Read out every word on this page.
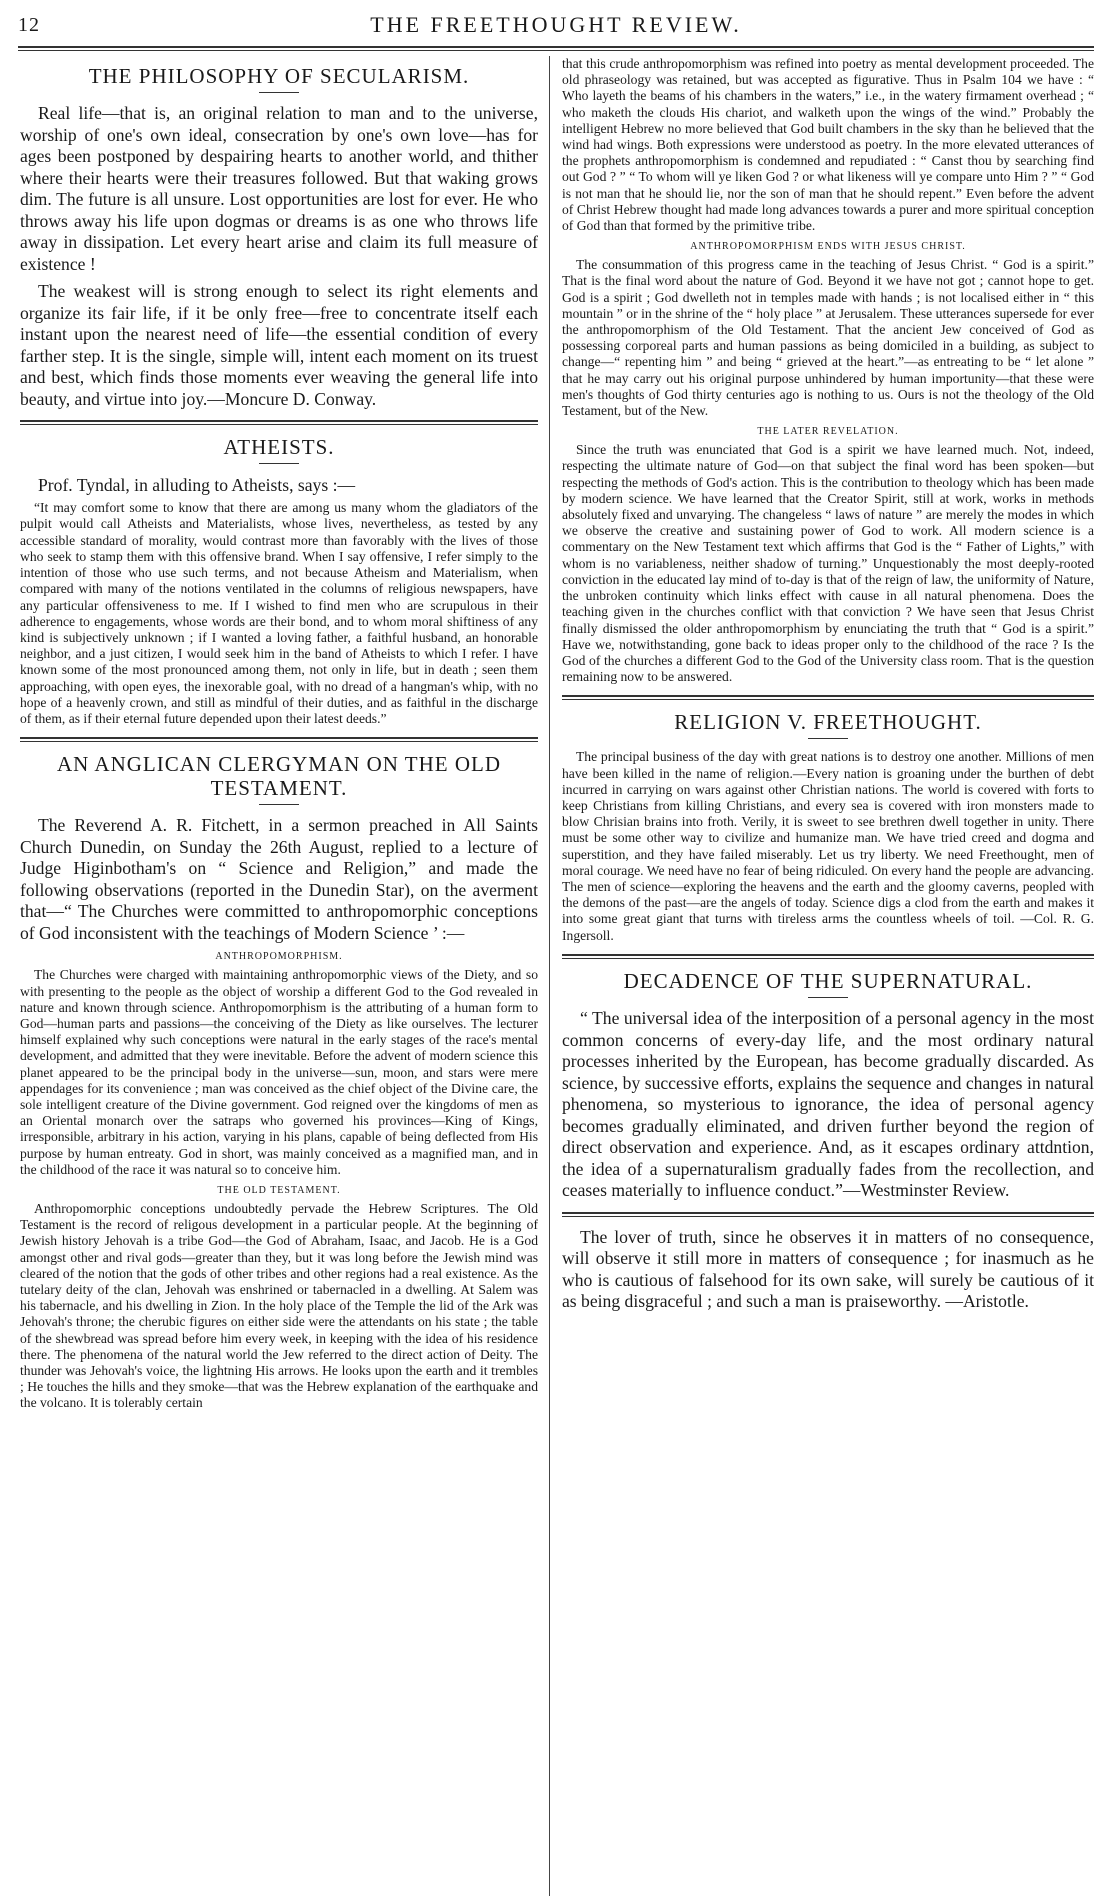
12	THE FREETHOUGHT REVIEW.
THE PHILOSOPHY OF SECULARISM.

Real life—that is, an original relation to man and to the universe, worship of one's own ideal, consecration by one's own love—has for ages been postponed by despairing hearts to another world, and thither where their hearts were their treasures followed. But that waking grows dim. The future is all unsure. Lost opportunities are lost for ever. He who throws away his life upon dogmas or dreams is as one who throws life away in dissipation. Let every heart arise and claim its full measure of existence !

The weakest will is strong enough to select its right elements and organize its fair life, if it be only free—free to concentrate itself each instant upon the nearest need of life—the essential condition of every farther step. It is the single, simple will, intent each moment on its truest and best, which finds those moments ever weaving the general life into beauty, and virtue into joy.—Moncure D. Conway.

ATHEISTS.

Prof. Tyndal, in alluding to Atheists, says :—

“It may comfort some to know that there are among us many whom the gladiators of the pulpit would call Atheists and Materialists, whose lives, nevertheless, as tested by any accessible standard of morality, would contrast more than favorably with the lives of those who seek to stamp them with this offensive brand. When I say offensive, I refer simply to the intention of those who use such terms, and not because Atheism and Materialism, when compared with many of the notions ventilated in the columns of religious newspapers, have any particular offensiveness to me. If I wished to find men who are scrupulous in their adherence to engagements, whose words are their bond, and to whom moral shiftiness of any kind is subjectively unknown ; if I wanted a loving father, a faithful husband, an honorable neighbor, and a just citizen, I would seek him in the band of Atheists to which I refer. I have known some of the most pronounced among them, not only in life, but in death ; seen them approaching, with open eyes, the inexorable goal, with no dread of a hangman's whip, with no hope of a heavenly crown, and still as mindful of their duties, and as faithful in the discharge of them, as if their eternal future depended upon their latest deeds.”

AN ANGLICAN CLERGYMAN ON THE OLD TESTAMENT.

The Reverend A. R. Fitchett, in a sermon preached in All Saints Church Dunedin, on Sunday the 26th August, replied to a lecture of Judge Higinbotham's on “ Science and Religion,” and made the following observations (reported in the Dunedin Star), on the averment that—“ The Churches were committed to anthropomorphic conceptions of God inconsistent with the teachings of Modern Science ’ :—

ANTHROPOMORPHISM.

The Churches were charged with maintaining anthropomorphic views of the Diety, and so with presenting to the people as the object of worship a different God to the God revealed in nature and known through science. Anthropomorphism is the attributing of a human form to God—human parts and passions—the conceiving of the Diety as like ourselves. The lecturer himself explained why such conceptions were natural in the early stages of the race's mental development, and admitted that they were inevitable. Before the advent of modern science this planet appeared to be the principal body in the universe—sun, moon, and stars were mere appendages for its convenience ; man was conceived as the chief object of the Divine care, the sole intelligent creature of the Divine government. God reigned over the kingdoms of men as an Oriental monarch over the satraps who governed his provinces—King of Kings, irresponsible, arbitrary in his action, varying in his plans, capable of being deflected from His purpose by human entreaty. God in short, was mainly conceived as a magnified man, and in the childhood of the race it was natural so to conceive him.

THE OLD TESTAMENT.

Anthropomorphic conceptions undoubtedly pervade the Hebrew Scriptures. The Old Testament is the record of religous development in a particular people. At the beginning of Jewish history Jehovah is a tribe God—the God of Abraham, Isaac, and Jacob. He is a God amongst other and rival gods—greater than they, but it was long before the Jewish mind was cleared of the notion that the gods of other tribes and other regions had a real existence. As the tutelary deity of the clan, Jehovah was enshrined or tabernacled in a dwelling. At Salem was his tabernacle, and his dwelling in Zion. In the holy place of the Temple the lid of the Ark was Jehovah's throne; the cherubic figures on either side were the attendants on his state ; the table of the shewbread was spread before him every week, in keeping with the idea of his residence there. The phenomena of the natural world the Jew referred to the direct action of Deity. The thunder was Jehovah's voice, the lightning His arrows. He looks upon the earth and it trembles ; He touches the hills and they smoke—that was the Hebrew explanation of the earthquake and the volcano. It is tolerably certain

that this crude anthropomorphism was refined into poetry as mental development proceeded. The old phraseology was retained, but was accepted as figurative. Thus in Psalm 104 we have : “ Who layeth the beams of his chambers in the waters,” i.e., in the watery firmament overhead ; “ who maketh the clouds His chariot, and walketh upon the wings of the wind.” Probably the intelligent Hebrew no more believed that God built chambers in the sky than he believed that the wind had wings. Both expressions were understood as poetry. In the more elevated utterances of the prophets anthropomorphism is condemned and repudiated : “ Canst thou by searching find out God ? ” “ To whom will ye liken God ? or what likeness will ye compare unto Him ? ” “ God is not man that he should lie, nor the son of man that he should repent.” Even before the advent of Christ Hebrew thought had made long advances towards a purer and more spiritual conception of God than that formed by the primitive tribe.

ANTHROPOMORPHISM ENDS WITH JESUS CHRIST.

The consummation of this progress came in the teaching of Jesus Christ. “ God is a spirit.” That is the final word about the nature of God. Beyond it we have not got ; cannot hope to get. God is a spirit ; God dwelleth not in temples made with hands ; is not localised either in “ this mountain ” or in the shrine of the “ holy place ” at Jerusalem. These utterances supersede for ever the anthropomorphism of the Old Testament. That the ancient Jew conceived of God as possessing corporeal parts and human passions as being domiciled in a building, as subject to change—“ repenting him ” and being “ grieved at the heart.”—as entreating to be “ let alone ” that he may carry out his original purpose unhindered by human importunity—that these were men's thoughts of God thirty centuries ago is nothing to us. Ours is not the theology of the Old Testament, but of the New.

THE LATER REVELATION.

Since the truth was enunciated that God is a spirit we have learned much. Not, indeed, respecting the ultimate nature of God—on that subject the final word has been spoken—but respecting the methods of God's action. This is the contribution to theology which has been made by modern science. We have learned that the Creator Spirit, still at work, works in methods absolutely fixed and unvarying. The changeless “ laws of nature ” are merely the modes in which we observe the creative and sustaining power of God to work. All modern science is a commentary on the New Testament text which affirms that God is the “ Father of Lights,” with whom is no variableness, neither shadow of turning.” Unquestionably the most deeply-rooted conviction in the educated lay mind of to-day is that of the reign of law, the uniformity of Nature, the unbroken continuity which links effect with cause in all natural phenomena. Does the teaching given in the churches conflict with that conviction ? We have seen that Jesus Christ finally dismissed the older anthropomorphism by enunciating the truth that “ God is a spirit.” Have we, notwithstanding, gone back to ideas proper only to the childhood of the race ? Is the God of the churches a different God to the God of the University class room. That is the question remaining now to be answered.

RELIGION V. FREETHOUGHT.

The principal business of the day with great nations is to destroy one another. Millions of men have been killed in the name of religion.—Every nation is groaning under the burthen of debt incurred in carrying on wars against other Christian nations. The world is covered with forts to keep Christians from killing Christians, and every sea is covered with iron monsters made to blow Chrisian brains into froth. Verily, it is sweet to see brethren dwell together in unity. There must be some other way to civilize and humanize man. We have tried creed and dogma and superstition, and they have failed miserably. Let us try liberty. We need Freethought, men of moral courage. We need have no fear of being ridiculed. On every hand the people are advancing. The men of science—exploring the heavens and the earth and the gloomy caverns, peopled with the demons of the past—are the angels of today. Science digs a clod from the earth and makes it into some great giant that turns with tireless arms the countless wheels of toil. —Col. R. G. Ingersoll.

DECADENCE OF THE SUPERNATURAL.

“ The universal idea of the interposition of a personal agency in the most common concerns of every-day life, and the most ordinary natural processes inherited by the European, has become gradually discarded. As science, by successive efforts, explains the sequence and changes in natural phenomena, so mysterious to ignorance, the idea of personal agency becomes gradually eliminated, and driven further beyond the region of direct observation and experience. And, as it escapes ordinary attdntion, the idea of a supernaturalism gradually fades from the recollection, and ceases materially to influence conduct.”—Westminster Review.

The lover of truth, since he observes it in matters of no consequence, will observe it still more in matters of consequence ; for inasmuch as he who is cautious of falsehood for its own sake, will surely be cautious of it as being disgraceful ; and such a man is praiseworthy. —Aristotle.
